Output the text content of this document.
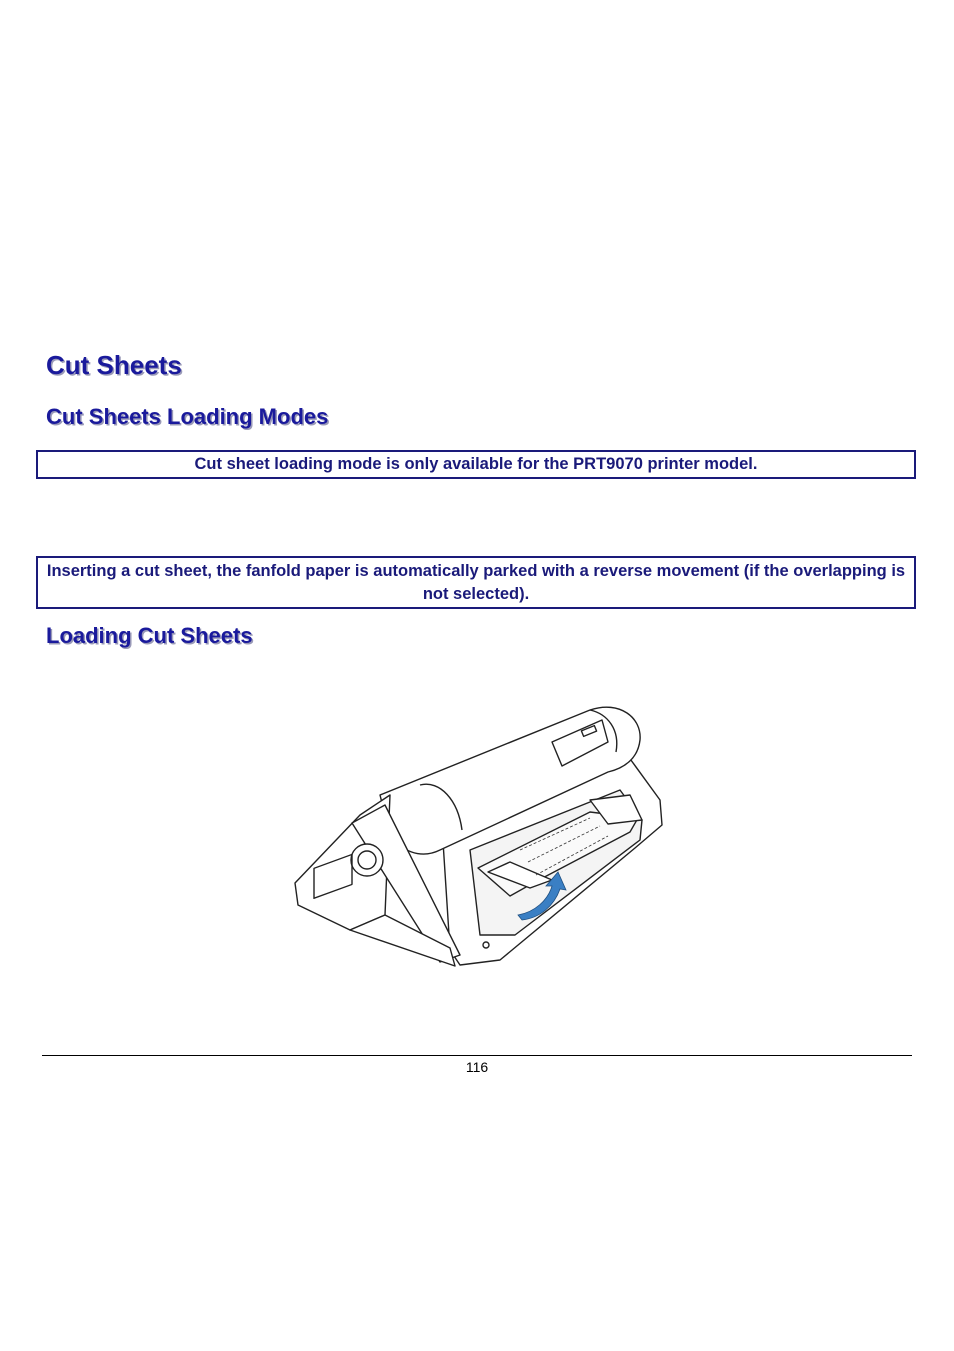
Cut Sheets
Cut Sheets Loading Modes
Cut sheet loading mode is only available for the PRT9070 printer model.
Inserting a cut sheet, the fanfold paper is automatically parked with a reverse movement (if the overlapping is not selected).
Loading Cut Sheets
116
